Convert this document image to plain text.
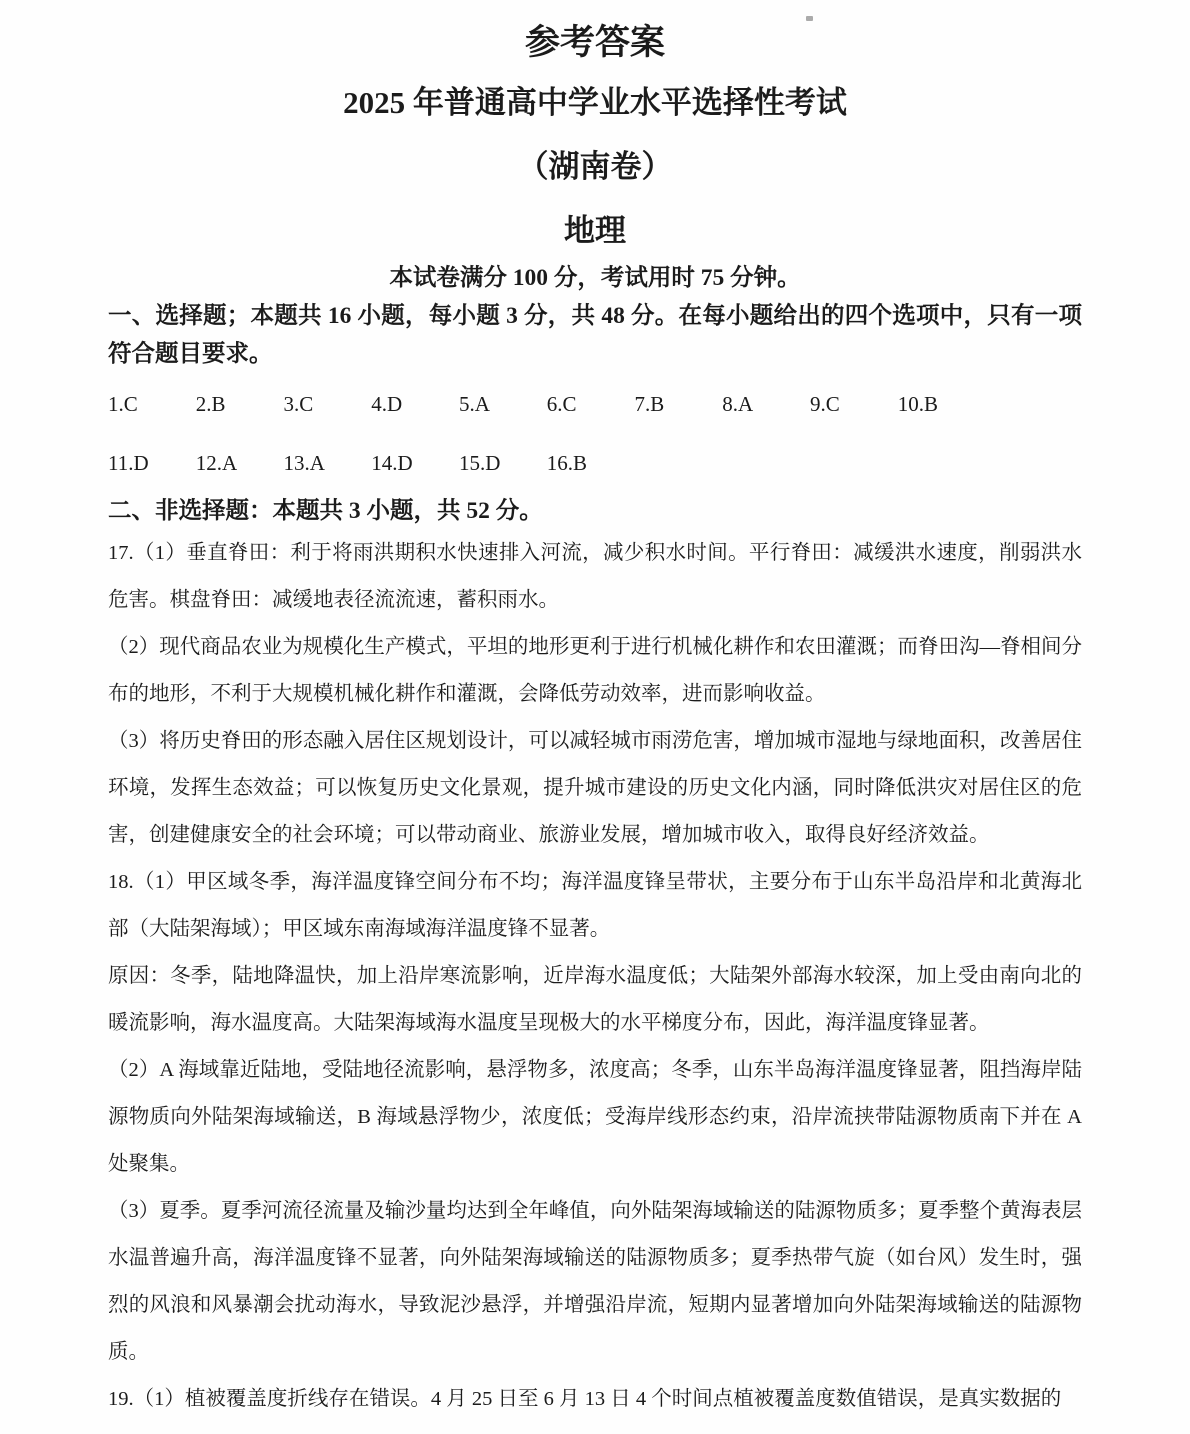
参考答案
2025 年普通高中学业水平选择性考试
（湖南卷）
地理

本试卷满分 100 分，考试用时 75 分钟。

一、选择题；本题共 16 小题，每小题 3 分，共 48 分。在每小题给出的四个选项中，只有一项符合题目要求。

1.C	2.B	3.C	4.D	5.A	6.C	7.B	8.A	9.C	10.B
11.D 12.A 13.A 14.D 15.D 16.B

二、非选择题：本题共 3 小题，共 52 分。

17.（1）垂直脊田：利于将雨洪期积水快速排入河流，减少积水时间。平行脊田：减缓洪水速度，削弱洪水危害。棋盘脊田：减缓地表径流流速，蓄积雨水。

（2）现代商品农业为规模化生产模式，平坦的地形更利于进行机械化耕作和农田灌溉；而脊田沟—脊相间分布的地形，不利于大规模机械化耕作和灌溉，会降低劳动效率，进而影响收益。

（3）将历史脊田的形态融入居住区规划设计，可以减轻城市雨涝危害，增加城市湿地与绿地面积，改善居住环境，发挥生态效益；可以恢复历史文化景观，提升城市建设的历史文化内涵，同时降低洪灾对居住区的危害，创建健康安全的社会环境；可以带动商业、旅游业发展，增加城市收入，取得良好经济效益。

18.（1）甲区域冬季，海洋温度锋空间分布不均；海洋温度锋呈带状，主要分布于山东半岛沿岸和北黄海北部（大陆架海域）；甲区域东南海域海洋温度锋不显著。

原因：冬季，陆地降温快，加上沿岸寒流影响，近岸海水温度低；大陆架外部海水较深，加上受由南向北的暖流影响，海水温度高。大陆架海域海水温度呈现极大的水平梯度分布，因此，海洋温度锋显著。

（2）A 海域靠近陆地，受陆地径流影响，悬浮物多，浓度高；冬季，山东半岛海洋温度锋显著，阻挡海岸陆源物质向外陆架海域输送，B 海域悬浮物少，浓度低；受海岸线形态约束，沿岸流挟带陆源物质南下并在 A 处聚集。

（3）夏季。夏季河流径流量及输沙量均达到全年峰值，向外陆架海域输送的陆源物质多；夏季整个黄海表层水温普遍升高，海洋温度锋不显著，向外陆架海域输送的陆源物质多；夏季热带气旋（如台风）发生时，强烈的风浪和风暴潮会扰动海水，导致泥沙悬浮，并增强沿岸流，短期内显著增加向外陆架海域输送的陆源物质。

19.（1）植被覆盖度折线存在错误。4 月 25 日至 6 月 13 日 4 个时间点植被覆盖度数值错误，是真实数据的
